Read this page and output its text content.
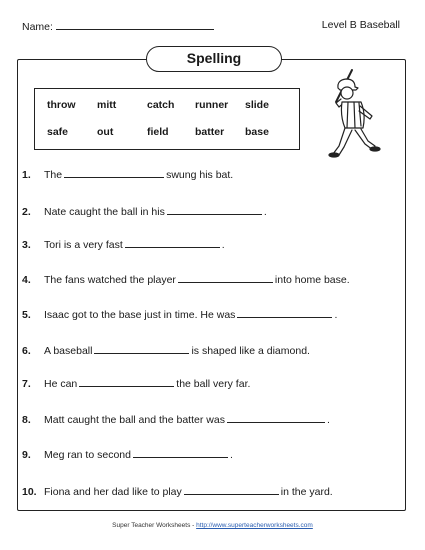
Name:	Level B Baseball
Spelling
throw mitt	catch runner slide
safe	out	field	batter base
1. The	swung his bat.
2. Nate caught the ball in his	.
3. Tori is a very fast	.
4. The fans watched the player	into home base.
5. Isaac got to the base just in time. He was	.
6. A baseball	is shaped like a diamond.
7. He can	the ball very far.
8. Matt caught the ball and the batter was	.
9. Meg ran to second	.
10. Fiona and her dad like to play	in the yard.
Super Teacher Worksheets - http://www.superteacherworksheets.com
